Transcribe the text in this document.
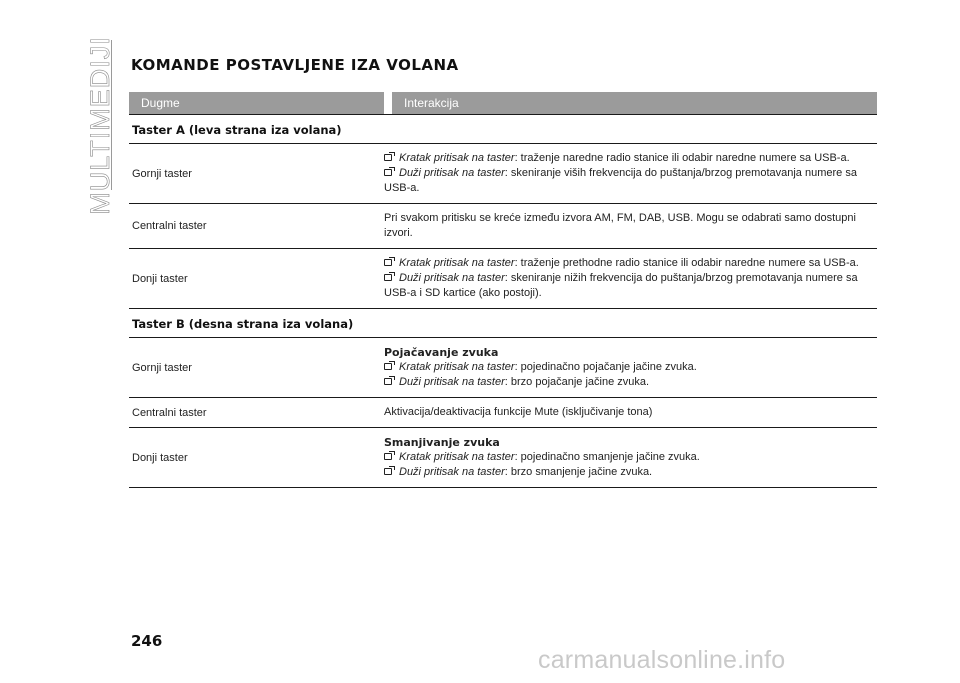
MULTIMEDIJI KOMANDE POSTAVLJENE IZA VOLANA
Dugme	Interakcija
Taster A (leva strana iza volana)
Gornji taster
Kratak pritisak na taster: traženje naredne radio stanice ili odabir naredne numere sa USB-a.
Duži pritisak na taster: skeniranje viših frekvencija do puštanja/brzog premotavanja numere sa USB-a.
Centralni taster
Pri svakom pritisku se kreće između izvora AM, FM, DAB, USB. Mogu se odabrati samo dostupni izvori.
Donji taster
Kratak pritisak na taster: traženje prethodne radio stanice ili odabir naredne numere sa USB-a.
Duži pritisak na taster: skeniranje nižih frekvencija do puštanja/brzog premotavanja numere sa USB-a i SD kartice (ako postoji).
Taster B (desna strana iza volana)
Gornji taster
Pojačavanje zvuka
Kratak pritisak na taster: pojedinačno pojačanje jačine zvuka.
Duži pritisak na taster: brzo pojačanje jačine zvuka.
Centralni taster	Aktivacija/deaktivacija funkcije Mute (isključivanje tona)
Donji taster
Smanjivanje zvuka
Kratak pritisak na taster: pojedinačno smanjenje jačine zvuka.
Duži pritisak na taster: brzo smanjenje jačine zvuka.
246
carmanualsonline.info
